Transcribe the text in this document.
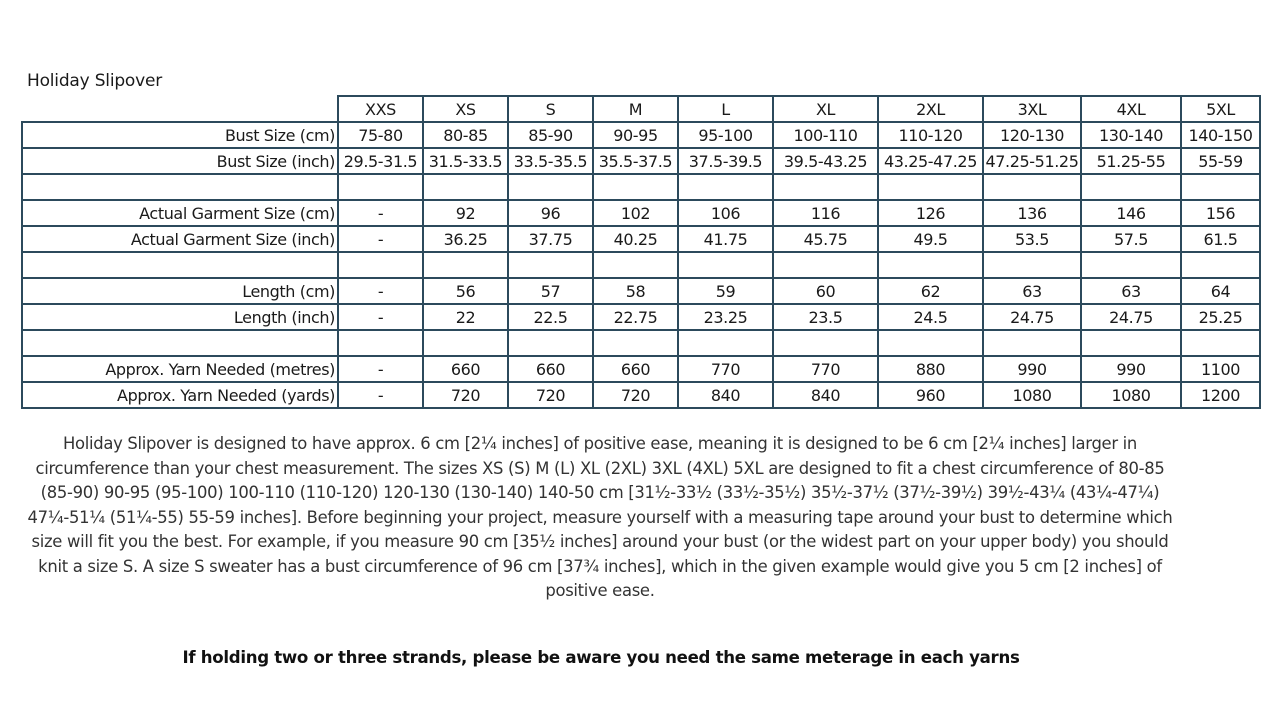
Holiday Slipover
	XXS	XS	S	M	L	XL	2XL	3XL	4XL	5XL
Bust Size (cm)	75-80	80-85	85-90	90-95	95-100	100-110	110-120	120-130	130-140	140-150
Bust Size (inch)	29.5-31.5	31.5-33.5	33.5-35.5	35.5-37.5	37.5-39.5	39.5-43.25	43.25-47.25	47.25-51.25	51.25-55	55-59

Actual Garment Size (cm)	-	92	96	102	106	116	126	136	146	156
Actual Garment Size (inch)	-	36.25	37.75	40.25	41.75	45.75	49.5	53.5	57.5	61.5

Length (cm)	-	56	57	58	59	60	62	63	63	64
Length (inch)	-	22	22.5	22.75	23.25	23.5	24.5	24.75	24.75	25.25

Approx. Yarn Needed (metres)	-	660	660	660	770	770	880	990	990	1100
Approx. Yarn Needed (yards)	-	720	720	720	840	840	960	1080	1080	1200
Holiday Slipover is designed to have approx. 6 cm [2¼ inches] of positive ease, meaning it is designed to be 6 cm [2¼ inches] larger in circumference than your chest measurement. The sizes XS (S) M (L) XL (2XL) 3XL (4XL) 5XL are designed to fit a chest circumference of 80-85 (85-90) 90-95 (95-100) 100-110 (110-120) 120-130 (130-140) 140-50 cm [31½-33½ (33½-35½) 35½-37½ (37½-39½) 39½-43¼ (43¼-47¼) 47¼-51¼ (51¼-55) 55-59 inches]. Before beginning your project, measure yourself with a measuring tape around your bust to determine which size will fit you the best. For example, if you measure 90 cm [35½ inches] around your bust (or the widest part on your upper body) you should knit a size S. A size S sweater has a bust circumference of 96 cm [37¾ inches], which in the given example would give you 5 cm [2 inches] of positive ease.
If holding two or three strands, please be aware you need the same meterage in each yarns
